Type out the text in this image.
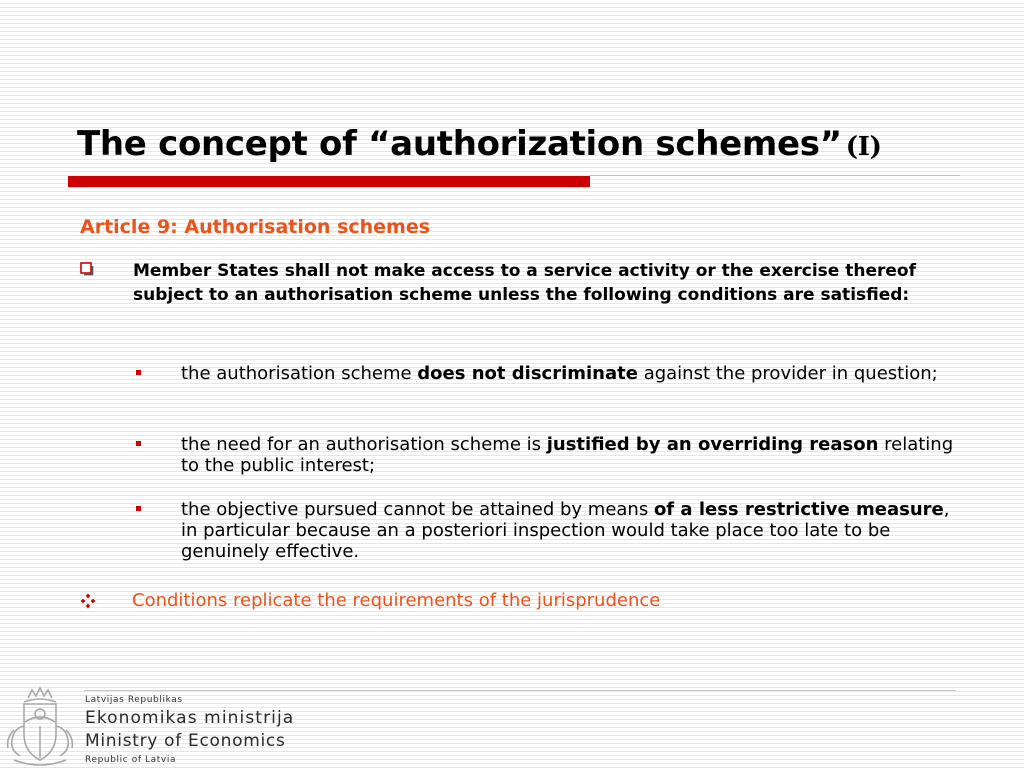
The concept of “authorization schemes” (I)
Article 9: Authorisation schemes
Member States shall not make access to a service activity or the exercise thereof subject to an authorisation scheme unless the following conditions are satisfied:
the authorisation scheme does not discriminate against the provider in question;
the need for an authorisation scheme is justified by an overriding reason relating to the public interest;
the objective pursued cannot be attained by means of a less restrictive measure, in particular because an a posteriori inspection would take place too late to be genuinely effective.
Conditions replicate the requirements of the jurisprudence
Latvijas Republikas
Ekonomikas ministrija
Ministry of Economics
Republic of Latvia
